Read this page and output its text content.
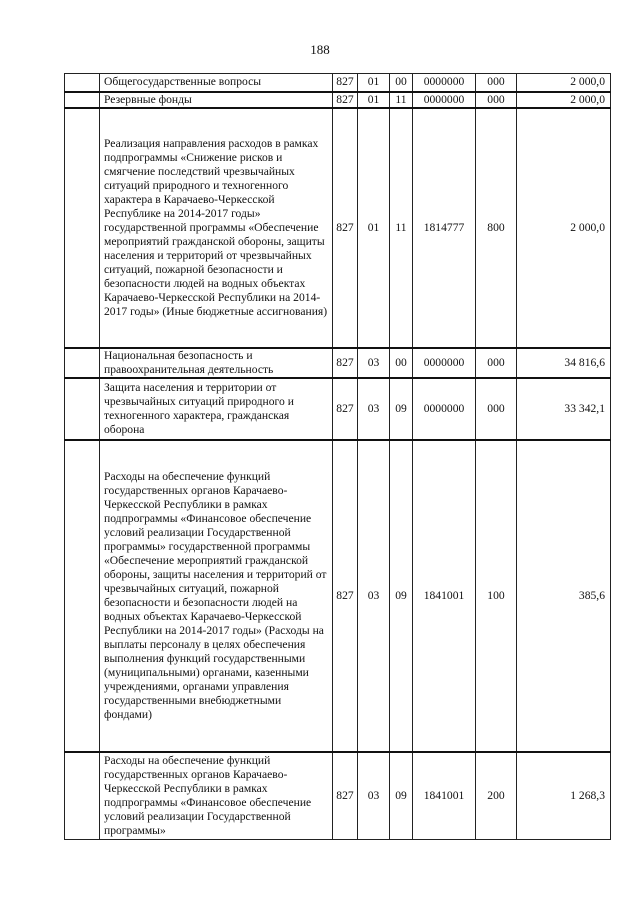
188
	Общегосударственные вопросы	827	01	00	0000000	000	2 000,0
	Резервные фонды	827	01	11	0000000	000	2 000,0
	Реализация направления расходов в рамках подпрограммы «Снижение рисков и смягчение последствий чрезвычайных ситуаций природного и техногенного характера в Карачаево-Черкесской Республике на 2014-2017 годы» государственной программы «Обеспечение мероприятий гражданской обороны, защиты населения и территорий от чрезвычайных ситуаций, пожарной безопасности и безопасности людей на водных объектах Карачаево-Черкесской Республики на 2014-2017 годы» (Иные бюджетные ассигнования)	827	01	11	1814777	800	2 000,0
	Национальная безопасность и правоохранительная деятельность	827	03	00	0000000	000	34 816,6
	Защита населения и территории от чрезвычайных ситуаций природного и техногенного характера, гражданская оборона	827	03	09	0000000	000	33 342,1
	Расходы на обеспечение функций государственных органов Карачаево-Черкесской Республики в рамках подпрограммы «Финансовое обеспечение условий реализации Государственной программы» государственной программы «Обеспечение мероприятий гражданской обороны, защиты населения и территорий от чрезвычайных ситуаций, пожарной безопасности и безопасности людей на водных объектах Карачаево-Черкесской Республики на 2014-2017 годы» (Расходы на выплаты персоналу в целях обеспечения выполнения функций государственными (муниципальными) органами, казенными учреждениями, органами управления государственными внебюджетными фондами)	827	03	09	1841001	100	385,6
	Расходы на обеспечение функций государственных органов Карачаево-Черкесской Республики в рамках подпрограммы «Финансовое обеспечение условий реализации Государственной программы»	827	03	09	1841001	200	1 268,3
